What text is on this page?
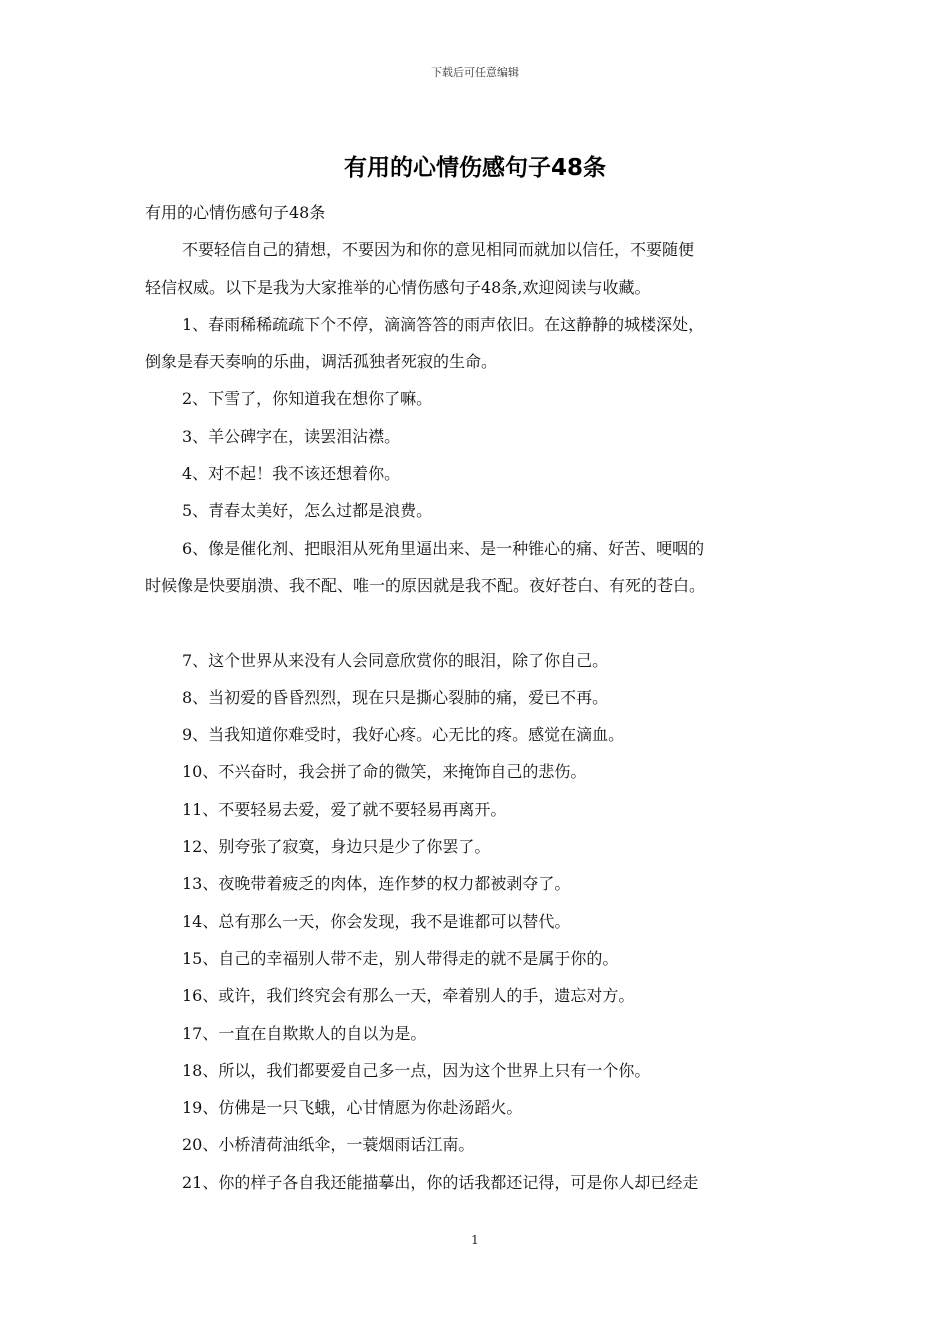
下载后可任意编辑
有用的心情伤感句子48条

有用的心情伤感句子48条

不要轻信自己的猜想，不要因为和你的意见相同而就加以信任，不要随便

轻信权威。以下是我为大家推举的心情伤感句子48条,欢迎阅读与收藏。

1、春雨稀稀疏疏下个不停，滴滴答答的雨声依旧。在这静静的城楼深处，

倒象是春天奏响的乐曲，调活孤独者死寂的生命。

2、下雪了，你知道我在想你了嘛。

3、羊公碑字在，读罢泪沾襟。

4、对不起！我不该还想着你。

5、青春太美好，怎么过都是浪费。

6、像是催化剂、把眼泪从死角里逼出来、是一种锥心的痛、好苦、哽咽的

时候像是快要崩溃、我不配、唯一的原因就是我不配。夜好苍白、有死的苍白。

7、这个世界从来没有人会同意欣赏你的眼泪，除了你自己。

8、当初爱的昏昏烈烈，现在只是撕心裂肺的痛，爱已不再。

9、当我知道你难受时，我好心疼。心无比的疼。感觉在滴血。

10、不兴奋时，我会拼了命的微笑，来掩饰自己的悲伤。

11、不要轻易去爱，爱了就不要轻易再离开。

12、别夸张了寂寞，身边只是少了你罢了。

13、夜晚带着疲乏的肉体，连作梦的权力都被剥夺了。

14、总有那么一天，你会发现，我不是谁都可以替代。

15、自己的幸福别人带不走，别人带得走的就不是属于你的。

16、或许，我们终究会有那么一天，牵着别人的手，遗忘对方。

17、一直在自欺欺人的自以为是。

18、所以，我们都要爱自己多一点，因为这个世界上只有一个你。

19、仿佛是一只飞蛾，心甘情愿为你赴汤蹈火。

20、小桥清荷油纸伞，一蓑烟雨话江南。

21、你的样子各自我还能描摹出，你的话我都还记得，可是你人却已经走

1
